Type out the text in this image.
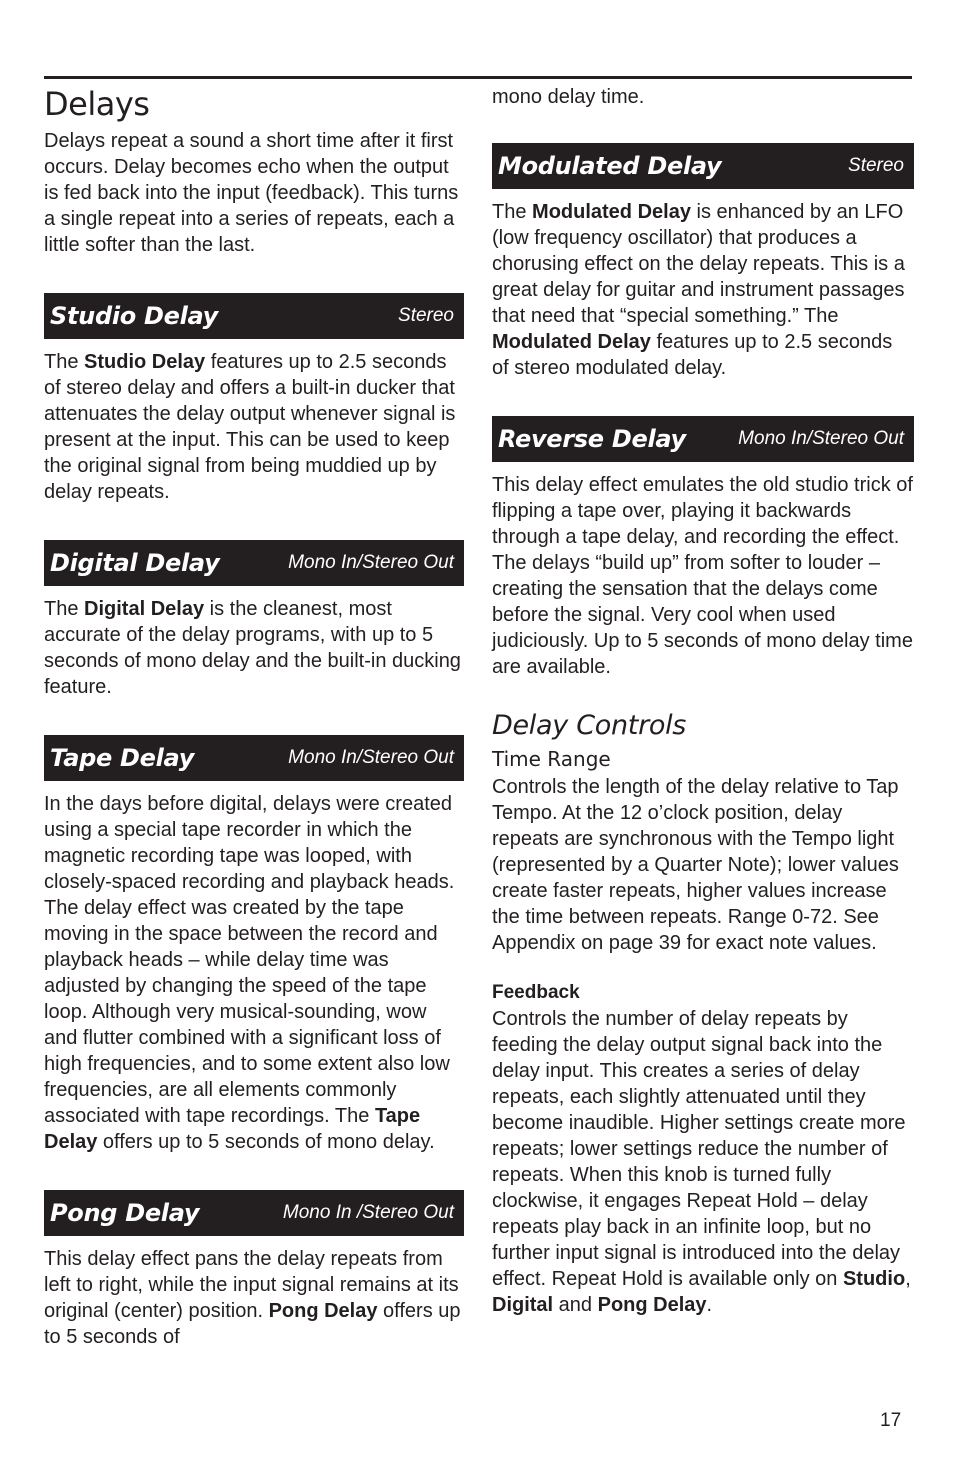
Delays

Delays repeat a sound a short time after it first occurs. Delay becomes echo when the output is fed back into the input (feedback). This turns a single repeat into a series of repeats, each a little softer than the last.

Studio Delay	Stereo

The Studio Delay features up to 2.5 seconds of stereo delay and offers a built-in ducker that attenuates the delay output whenever signal is present at the input. This can be used to keep the original signal from being muddied up by delay repeats.

Digital Delay	Mono In/Stereo Out

The Digital Delay is the cleanest, most accurate of the delay programs, with up to 5 seconds of mono delay and the built-in ducking feature.

Tape Delay	Mono In/Stereo Out

In the days before digital, delays were created using a special tape recorder in which the magnetic recording tape was looped, with closely-spaced recording and playback heads. The delay effect was created by the tape moving in the space between the record and playback heads – while delay time was adjusted by changing the speed of the tape loop. Although very musical-sounding, wow and flutter combined with a significant loss of high frequencies, and to some extent also low frequencies, are all elements commonly associated with tape recordings. The Tape Delay offers up to 5 seconds of mono delay.

Pong Delay	Mono In /Stereo Out

This delay effect pans the delay repeats from left to right, while the input signal remains at its original (center) position. Pong Delay offers up to 5 seconds of

mono delay time.

Modulated Delay	Stereo

The Modulated Delay is enhanced by an LFO (low frequency oscillator) that produces a chorusing effect on the delay repeats. This is a great delay for guitar and instrument passages that need that “special something.” The Modulated Delay features up to 2.5 seconds of stereo modulated delay.

Reverse Delay	Mono In/Stereo Out

This delay effect emulates the old studio trick of flipping a tape over, playing it backwards through a tape delay, and recording the effect. The delays “build up” from softer to louder – creating the sensation that the delays come before the signal. Very cool when used judiciously. Up to 5 seconds of mono delay time are available.

Delay Controls
Time Range

Controls the length of the delay relative to Tap Tempo. At the 12 o’clock position, delay repeats are synchronous with the Tempo light (represented by a Quarter Note); lower values create faster repeats, higher values increase the time between repeats. Range 0-72. See Appendix on page 39 for exact note values.

Feedback

Controls the number of delay repeats by feeding the delay output signal back into the delay input. This creates a series of delay repeats, each slightly attenuated until they become inaudible. Higher settings create more repeats; lower settings reduce the number of repeats. When this knob is turned fully clockwise, it engages Repeat Hold – delay repeats play back in an infinite loop, but no further input signal is introduced into the delay effect. Repeat Hold is available only on Studio, Digital and Pong Delay.

17
